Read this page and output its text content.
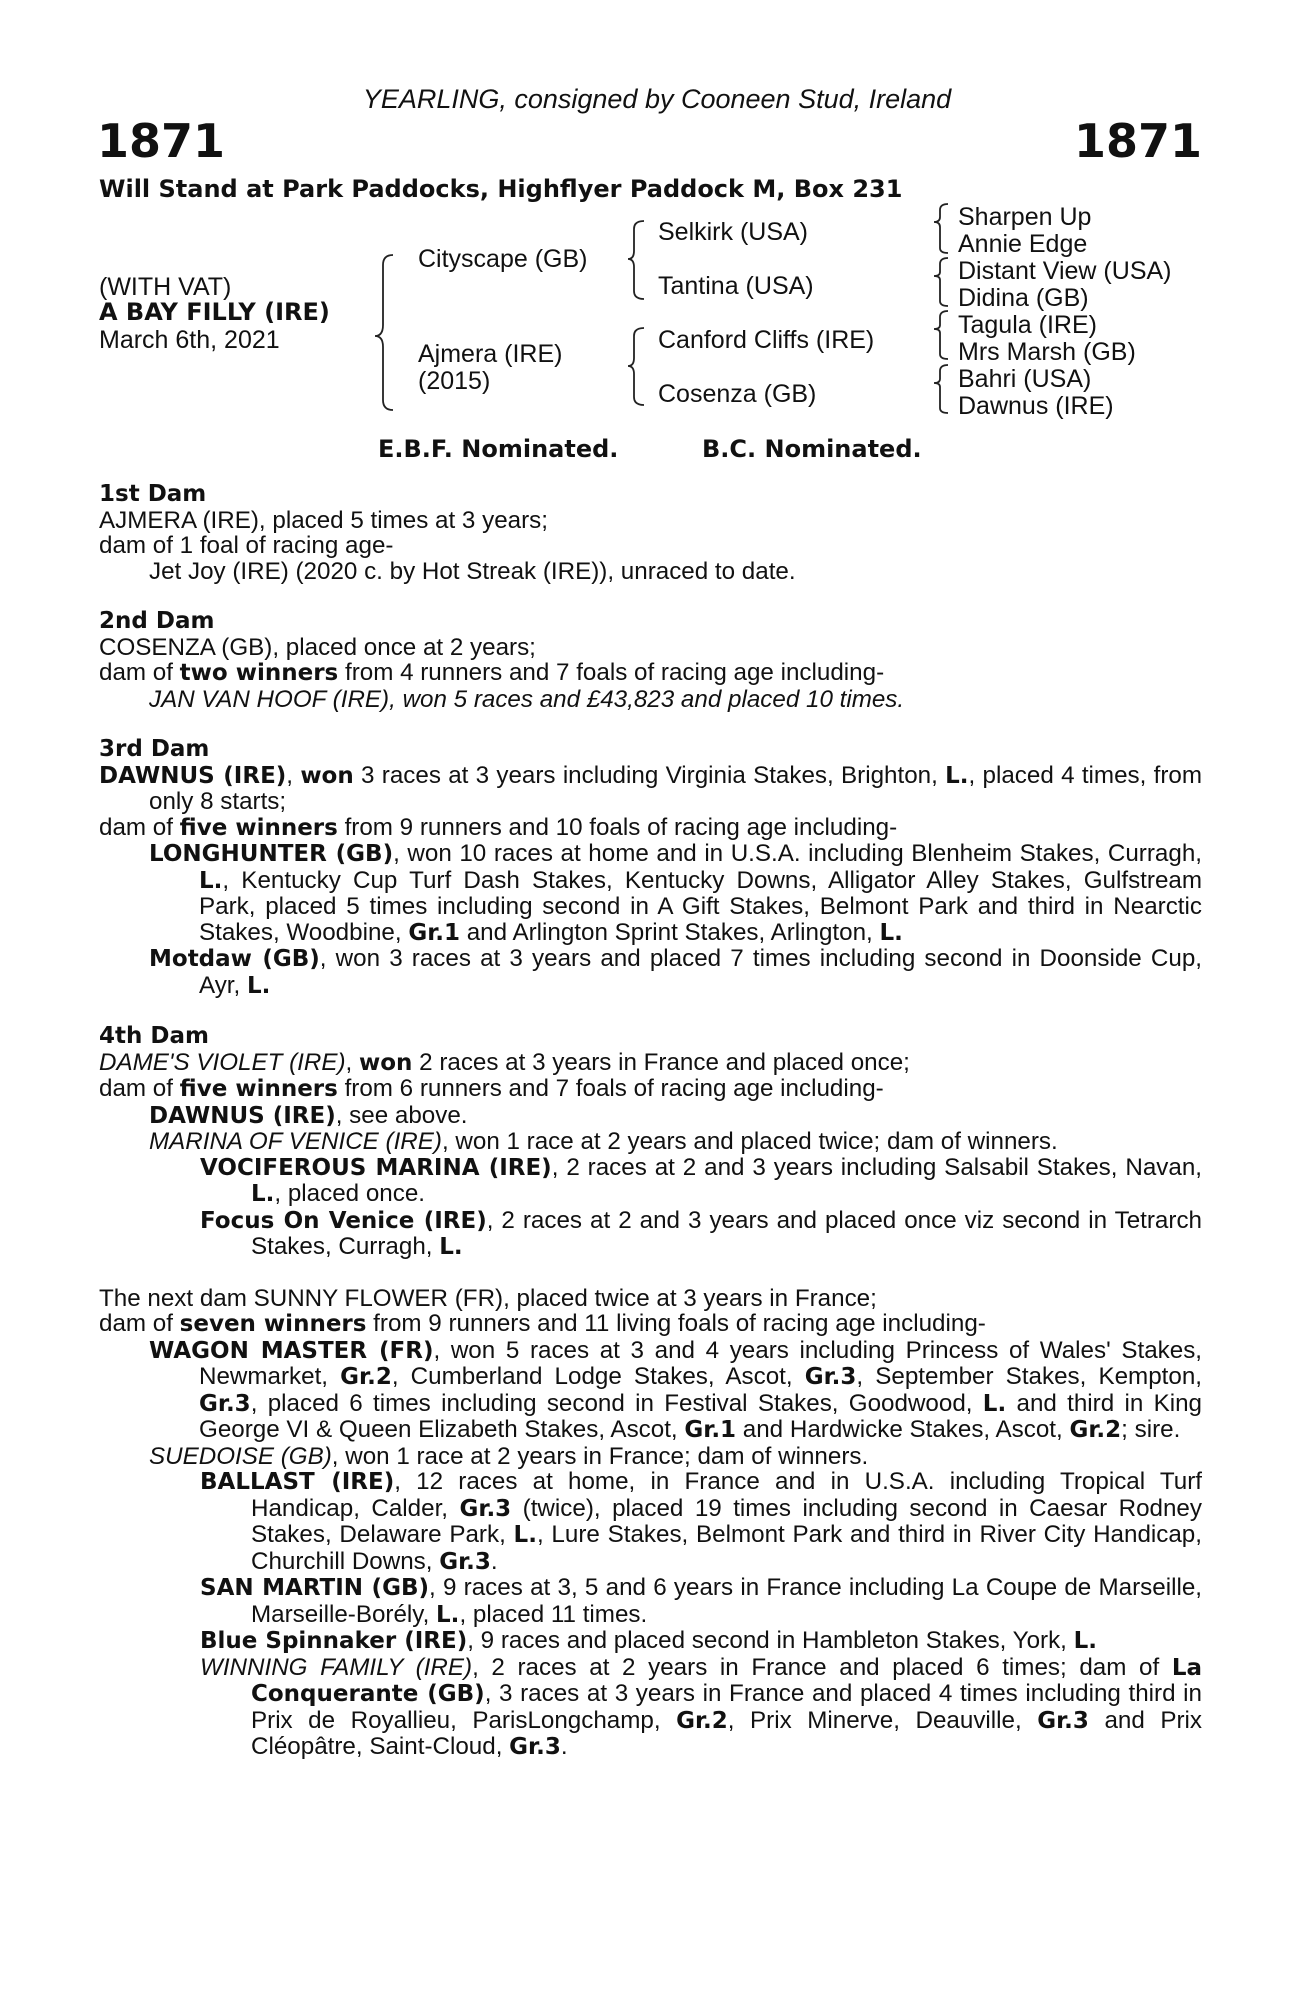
YEARLING, consigned by Cooneen Stud, Ireland
1871	1871
Will Stand at Park Paddocks, Highflyer Paddock M, Box 231
(WITH VAT)
A BAY FILLY (IRE)
March 6th, 2021
Cityscape (GB)
Ajmera (IRE)
(2015)
Selkirk (USA)
Tantina (USA)
Canford Cliffs (IRE)
Cosenza (GB)
Sharpen Up
Annie Edge
Distant View (USA)
Didina (GB)
Tagula (IRE)
Mrs Marsh (GB)
Bahri (USA)
Dawnus (IRE)
E.B.F. Nominated.	B.C. Nominated.

1st Dam

AJMERA (IRE), placed 5 times at 3 years;

dam of 1 foal of racing age-

Jet Joy (IRE) (2020 c. by Hot Streak (IRE)), unraced to date.

2nd Dam

COSENZA (GB), placed once at 2 years;

dam of two winners from 4 runners and 7 foals of racing age including-

JAN VAN HOOF (IRE), won 5 races and £43,823 and placed 10 times.

3rd Dam

DAWNUS (IRE), won 3 races at 3 years including Virginia Stakes, Brighton, L., placed 4 times, from only 8 starts;

dam of five winners from 9 runners and 10 foals of racing age including-

LONGHUNTER (GB), won 10 races at home and in U.S.A. including Blenheim Stakes, Curragh, L., Kentucky Cup Turf Dash Stakes, Kentucky Downs, Alligator Alley Stakes, Gulfstream Park, placed 5 times including second in A Gift Stakes, Belmont Park and third in Nearctic Stakes, Woodbine, Gr.1 and Arlington Sprint Stakes, Arlington, L.

Motdaw (GB), won 3 races at 3 years and placed 7 times including second in Doonside Cup, Ayr, L.

4th Dam

DAME'S VIOLET (IRE), won 2 races at 3 years in France and placed once;

dam of five winners from 6 runners and 7 foals of racing age including-

DAWNUS (IRE), see above.

MARINA OF VENICE (IRE), won 1 race at 2 years and placed twice; dam of winners.

VOCIFEROUS MARINA (IRE), 2 races at 2 and 3 years including Salsabil Stakes, Navan, L., placed once.

Focus On Venice (IRE), 2 races at 2 and 3 years and placed once viz second in Tetrarch Stakes, Curragh, L.

The next dam SUNNY FLOWER (FR), placed twice at 3 years in France;

dam of seven winners from 9 runners and 11 living foals of racing age including-

WAGON MASTER (FR), won 5 races at 3 and 4 years including Princess of Wales' Stakes, Newmarket, Gr.2, Cumberland Lodge Stakes, Ascot, Gr.3, September Stakes, Kempton, Gr.3, placed 6 times including second in Festival Stakes, Goodwood, L. and third in King George VI & Queen Elizabeth Stakes, Ascot, Gr.1 and Hardwicke Stakes, Ascot, Gr.2; sire.

SUEDOISE (GB), won 1 race at 2 years in France; dam of winners.

BALLAST (IRE), 12 races at home, in France and in U.S.A. including Tropical Turf Handicap, Calder, Gr.3 (twice), placed 19 times including second in Caesar Rodney Stakes, Delaware Park, L., Lure Stakes, Belmont Park and third in River City Handicap, Churchill Downs, Gr.3.

SAN MARTIN (GB), 9 races at 3, 5 and 6 years in France including La Coupe de Marseille, Marseille-Borély, L., placed 11 times.

Blue Spinnaker (IRE), 9 races and placed second in Hambleton Stakes, York, L.

WINNING FAMILY (IRE), 2 races at 2 years in France and placed 6 times; dam of La Conquerante (GB), 3 races at 3 years in France and placed 4 times including third in Prix de Royallieu, ParisLongchamp, Gr.2, Prix Minerve, Deauville, Gr.3 and Prix Cléopâtre, Saint-Cloud, Gr.3.
